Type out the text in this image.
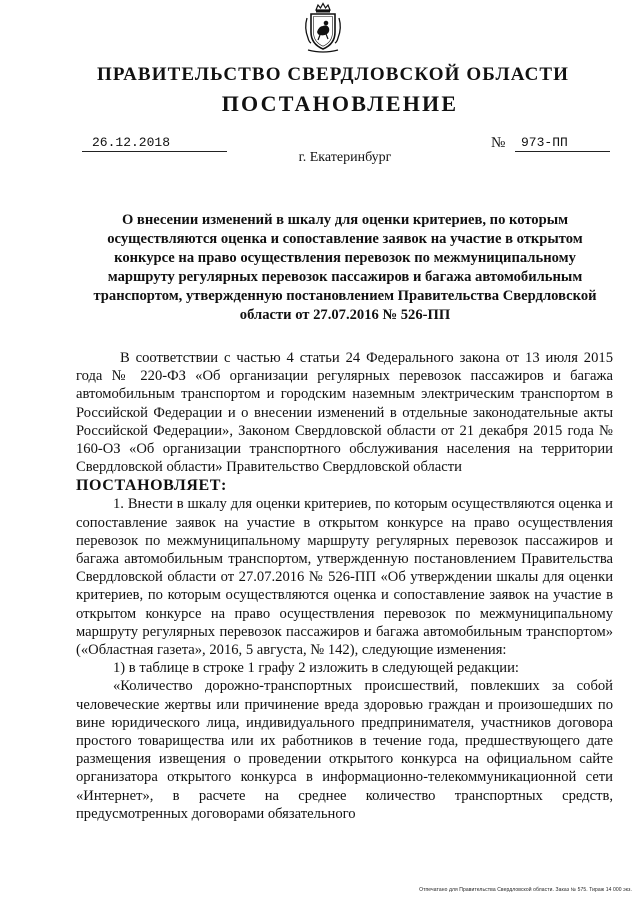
ПРАВИТЕЛЬСТВО СВЕРДЛОВСКОЙ ОБЛАСТИ
ПОСТАНОВЛЕНИЕ
26.12.2018	№	973-ПП
г. Екатеринбург
О внесении изменений в шкалу для оценки критериев, по которым осуществляются оценка и сопоставление заявок на участие в открытом конкурсе на право осуществления перевозок по межмуниципальному маршруту регулярных перевозок пассажиров и багажа автомобильным транспортом, утвержденную постановлением Правительства Свердловской области от 27.07.2016 № 526-ПП

В соответствии с частью 4 статьи 24 Федерального закона от 13 июля 2015 года № 220-ФЗ «Об организации регулярных перевозок пассажиров и багажа автомобильным транспортом и городским наземным электрическим транспортом в Российской Федерации и о внесении изменений в отдельные законодательные акты Российской Федерации», Законом Свердловской области от 21 декабря 2015 года № 160-ОЗ «Об организации транспортного обслуживания населения на территории Свердловской области» Правительство Свердловской области

ПОСТАНОВЛЯЕТ:

1. Внести в шкалу для оценки критериев, по которым осуществляются оценка и сопоставление заявок на участие в открытом конкурсе на право осуществления перевозок по межмуниципальному маршруту регулярных перевозок пассажиров и багажа автомобильным транспортом, утвержденную постановлением Правительства Свердловской области от 27.07.2016 № 526-ПП «Об утверждении шкалы для оценки критериев, по которым осуществляются оценка и сопоставление заявок на участие в открытом конкурсе на право осуществления перевозок по межмуниципальному маршруту регулярных перевозок пассажиров и багажа автомобильным транспортом» («Областная газета», 2016, 5 августа, № 142), следующие изменения:

1) в таблице в строке 1 графу 2 изложить в следующей редакции:

«Количество дорожно-транспортных происшествий, повлекших за собой человеческие жертвы или причинение вреда здоровью граждан и произошедших по вине юридического лица, индивидуального предпринимателя, участников договора простого товарищества или их работников в течение года, предшествующего дате размещения извещения о проведении открытого конкурса на официальном сайте организатора открытого конкурса в информационно-телекоммуникационной сети «Интернет», в расчете на среднее количество транспортных средств, предусмотренных договорами обязательного

Отпечатано для Правительства Свердловской области. Заказ № 575. Тираж 14 000 экз.
